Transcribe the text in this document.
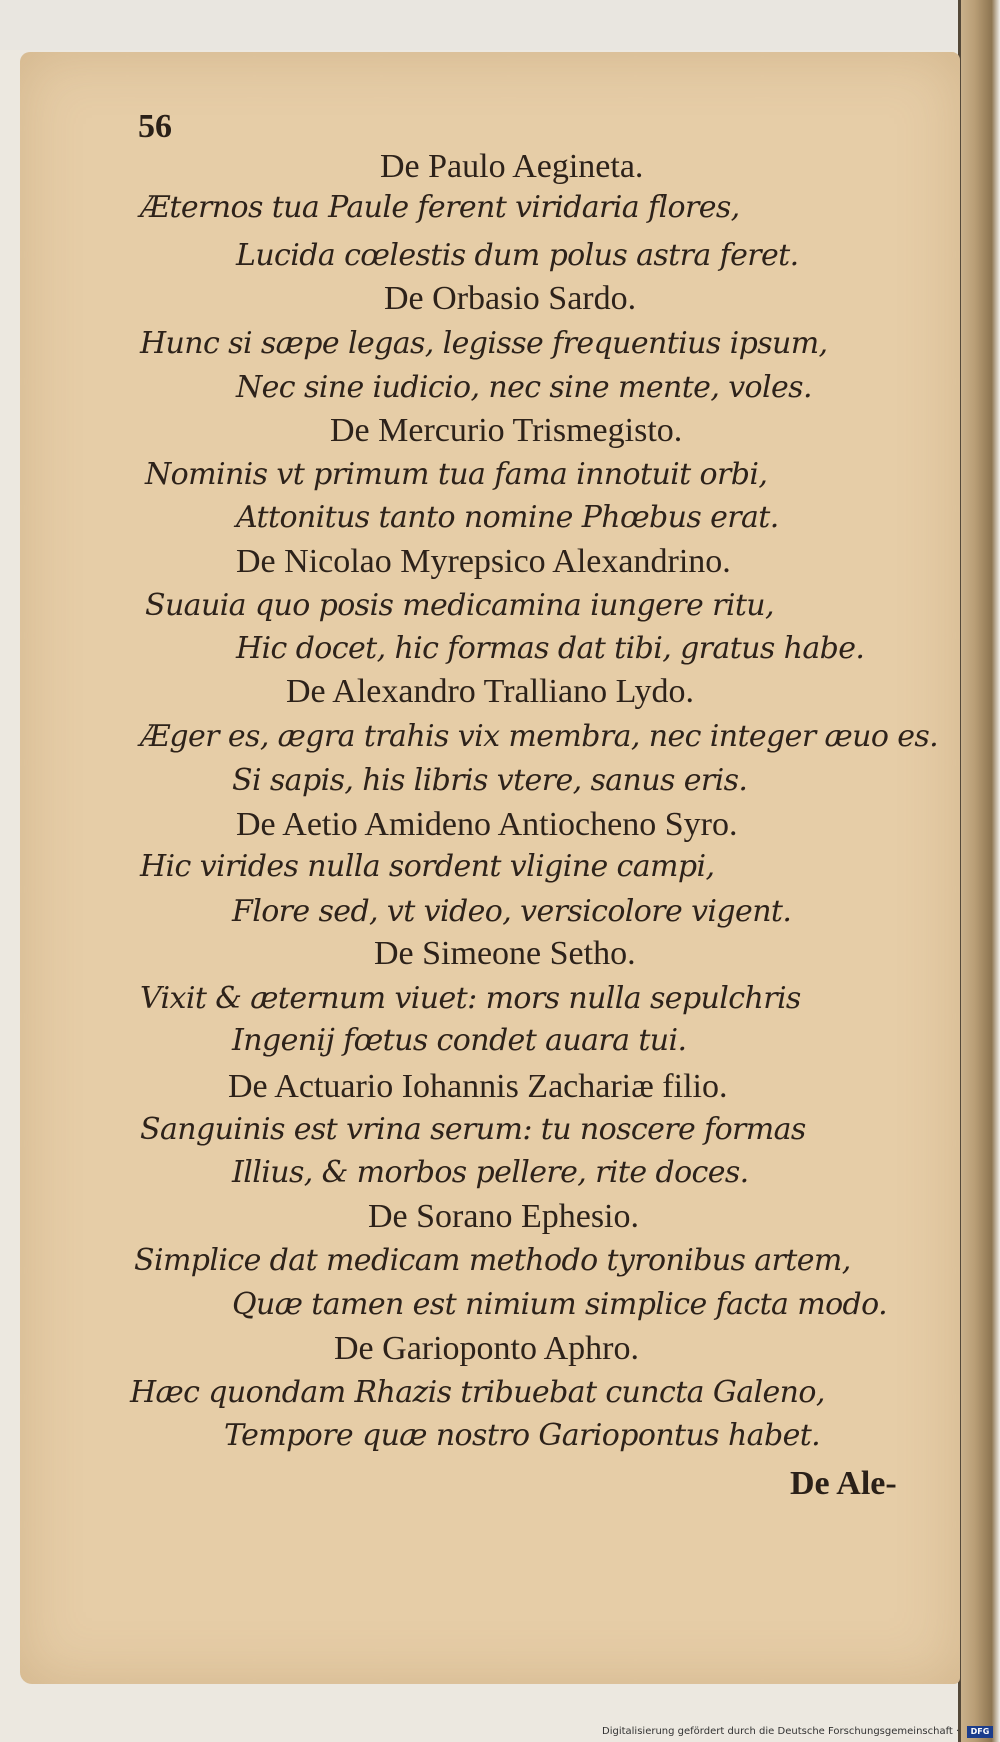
56
De Paulo Aegineta.
Æternos tua Paule ferent viridaria flores,
Lucida cœlestis dum polus astra feret.
De Orbasio Sardo.
Hunc si sæpe legas, legisse frequentius ipsum,
Nec sine iudicio, nec sine mente, voles.
De Mercurio Trismegisto.
Nominis vt primum tua fama innotuit orbi,
Attonitus tanto nomine Phœbus erat.
De Nicolao Myrepsico Alexandrino.
Suauia quo posis medicamina iungere ritu,
Hic docet, hic formas dat tibi, gratus habe.
De Alexandro Tralliano Lydo.
Æger es, ægra trahis vix membra, nec integer æuo es.
Si sapis, his libris vtere, sanus eris.
De Aetio Amideno Antiocheno Syro.
Hic virides nulla sordent vligine campi,
Flore sed, vt video, versicolore vigent.
De Simeone Setho.
Vixit & æternum viuet: mors nulla sepulchris
Ingenij fœtus condet auara tui.
De Actuario Iohannis Zachariæ filio.
Sanguinis est vrina serum: tu noscere formas
Illius, & morbos pellere, rite doces.
De Sorano Ephesio.
Simplice dat medicam methodo tyronibus artem,
Quæ tamen est nimium simplice facta modo.
De Gariopont​o Aphro.
Hæc quondam Rhazis tribuebat cuncta Galeno,
Tempore quæ nostro Gariopontus habet.
De Ale-
Digitalisierung gefördert durch die Deutsche Forschungsgemeinschaft ·	DFG
